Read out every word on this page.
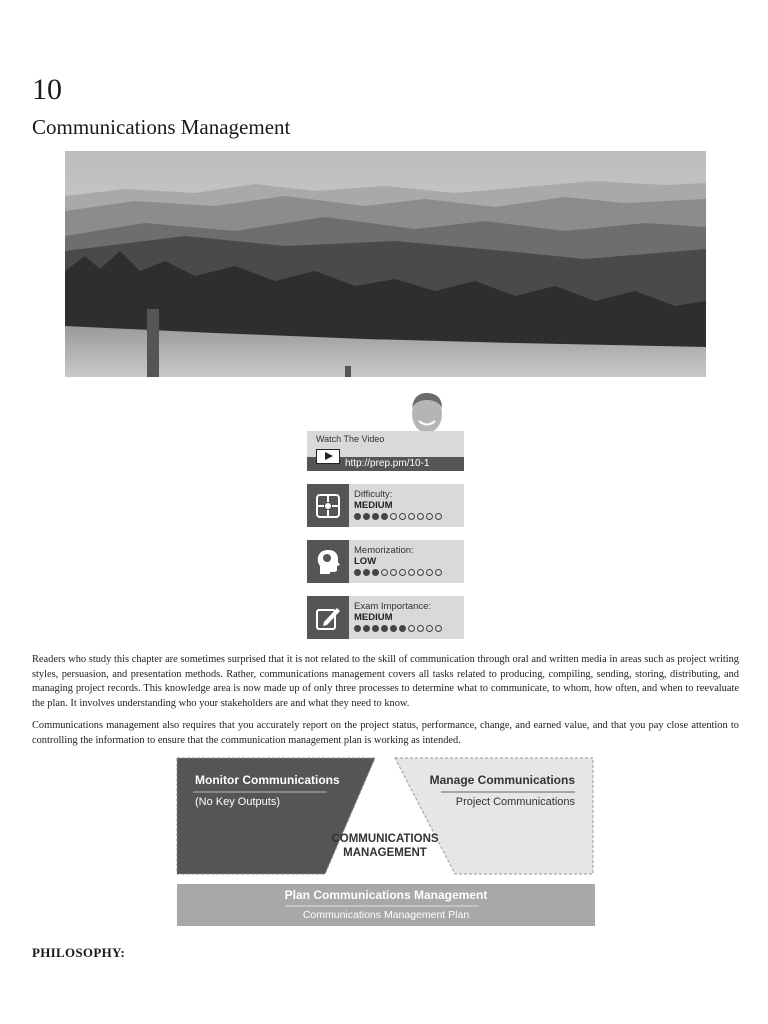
10
Communications Management
Watch The Video
http://prep.pm/10-1
Difficulty:
MEDIUM
Memorization:
LOW
Exam Importance:
MEDIUM

Readers who study this chapter are sometimes surprised that it is not related to the skill of communication through oral and written media in areas such as project writing styles, persuasion, and presentation methods. Rather, communications management covers all tasks related to producing, compiling, sending, storing, distributing, and managing project records. This knowledge area is now made up of only three processes to determine what to communicate, to whom, how often, and when to reevaluate the plan. It involves understanding who your stakeholders are and what they need to know.

Communications management also requires that you accurately report on the project status, performance, change, and earned value, and that you pay close attention to controlling the information to ensure that the communication management plan is working as intended.

Monitor Communications
(No Key Outputs)
Manage Communications
Project Communications
COMMUNICATIONS
MANAGEMENT
Plan Communications Management
Communications Management Plan
PHILOSOPHY:
